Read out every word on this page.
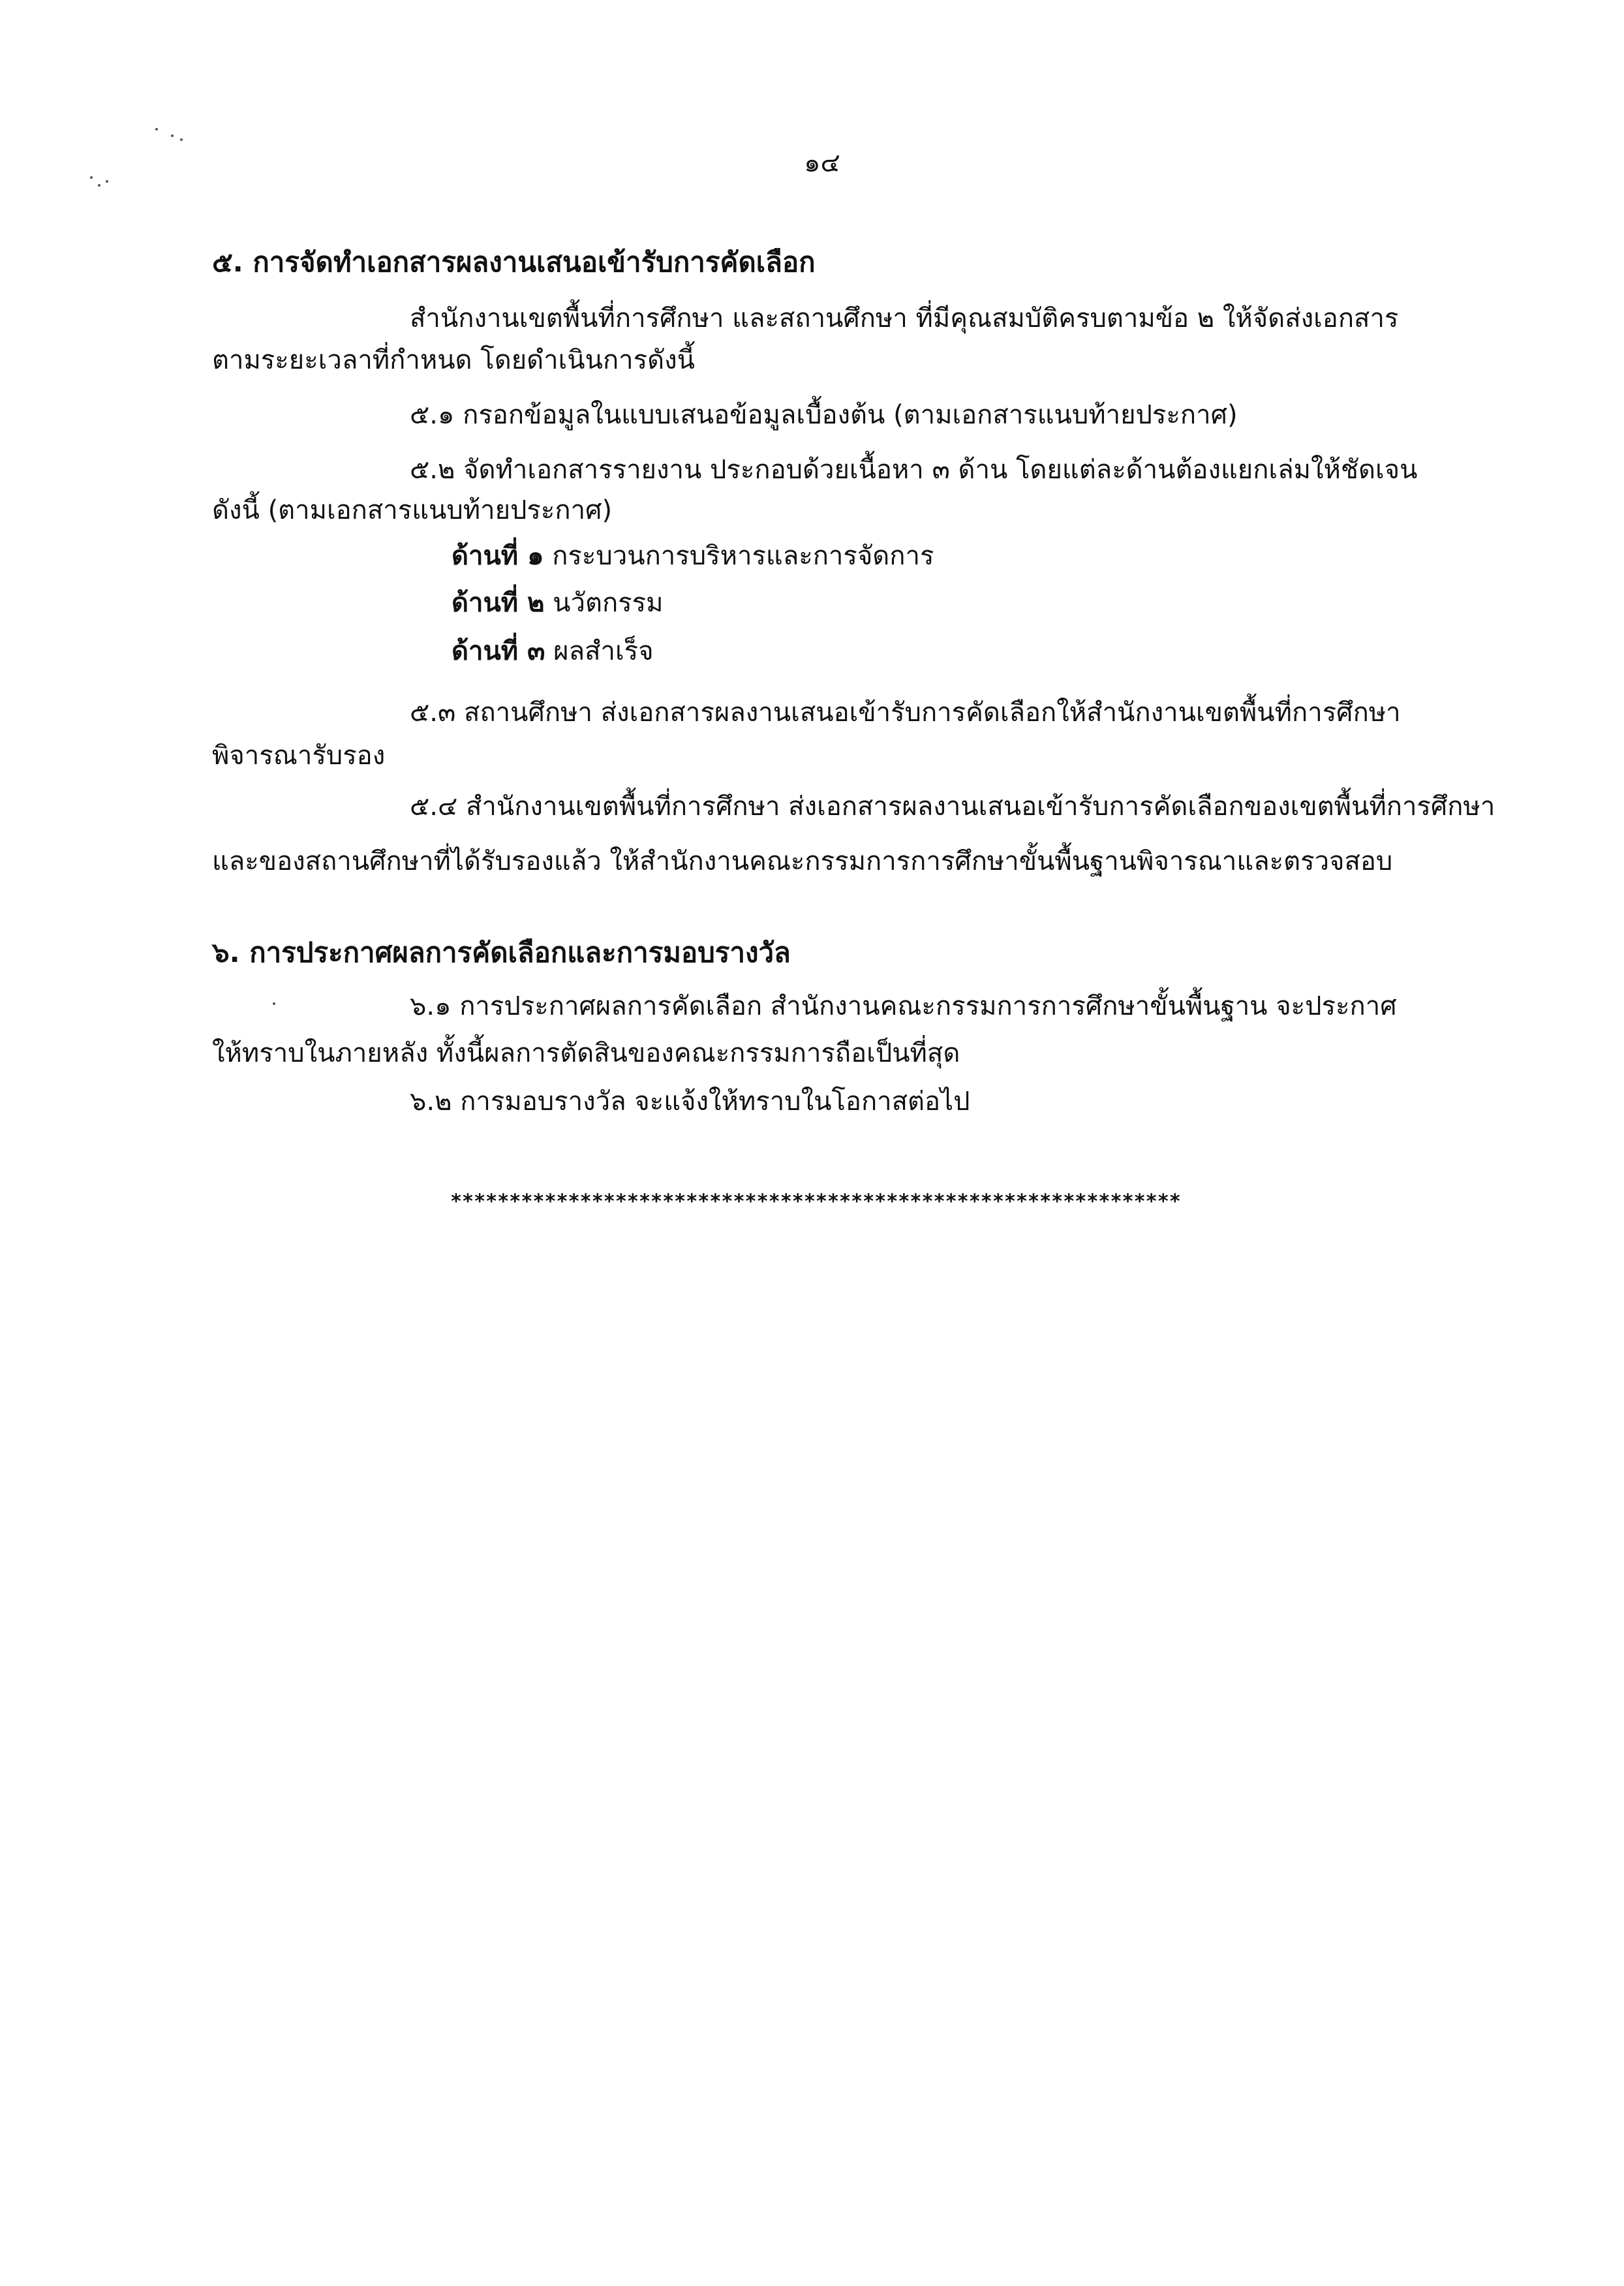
๑๔
๕. การจัดทำเอกสารผลงานเสนอเข้ารับการคัดเลือก
สำนักงานเขตพื้นที่การศึกษา และสถานศึกษา ที่มีคุณสมบัติครบตามข้อ ๒ ให้จัดส่งเอกสาร
ตามระยะเวลาที่กำหนด โดยดำเนินการดังนี้
๕.๑ กรอกข้อมูลในแบบเสนอข้อมูลเบื้องต้น (ตามเอกสารแนบท้ายประกาศ)
๕.๒ จัดทำเอกสารรายงาน ประกอบด้วยเนื้อหา ๓ ด้าน โดยแต่ละด้านต้องแยกเล่มให้ชัดเจน
ดังนี้ (ตามเอกสารแนบท้ายประกาศ)
ด้านที่ ๑ กระบวนการบริหารและการจัดการ
ด้านที่ ๒ นวัตกรรม
ด้านที่ ๓ ผลสำเร็จ
๕.๓ สถานศึกษา ส่งเอกสารผลงานเสนอเข้ารับการคัดเลือกให้สำนักงานเขตพื้นที่การศึกษา
พิจารณารับรอง
๕.๔ สำนักงานเขตพื้นที่การศึกษา ส่งเอกสารผลงานเสนอเข้ารับการคัดเลือกของเขตพื้นที่การศึกษา
และของสถานศึกษาที่ได้รับรองแล้ว ให้สำนักงานคณะกรรมการการศึกษาขั้นพื้นฐานพิจารณาและตรวจสอบ
๖. การประกาศผลการคัดเลือกและการมอบรางวัล
๖.๑ การประกาศผลการคัดเลือก สำนักงานคณะกรรมการการศึกษาขั้นพื้นฐาน จะประกาศ
ให้ทราบในภายหลัง ทั้งนี้ผลการตัดสินของคณะกรรมการถือเป็นที่สุด
๖.๒ การมอบรางวัล จะแจ้งให้ทราบในโอกาสต่อไป
**************************************************************
